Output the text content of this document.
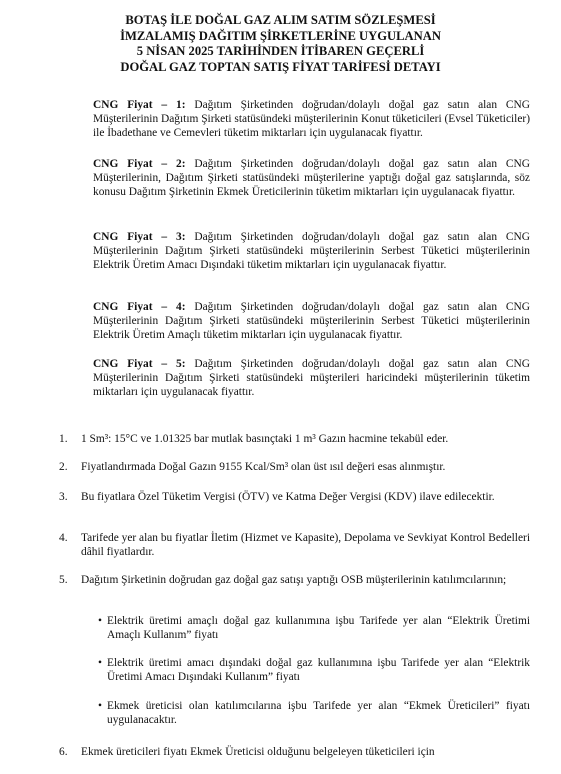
BOTAŞ İLE DOĞAL GAZ ALIM SATIM SÖZLEŞMESİ
İMZALAMIŞ DAĞITIM ŞİRKETLERİNE UYGULANAN
5 NİSAN 2025 TARİHİNDEN İTİBAREN GEÇERLİ
DOĞAL GAZ TOPTAN SATIŞ FİYAT TARİFESİ DETAYI

CNG Fiyat – 1: Dağıtım Şirketinden doğrudan/dolaylı doğal gaz satın alan CNG Müşterilerinin Dağıtım Şirketi statüsündeki müşterilerinin Konut tüketicileri (Evsel Tüketiciler) ile İbadethane ve Cemevleri tüketim miktarları için uygulanacak fiyattır.

CNG Fiyat – 2: Dağıtım Şirketinden doğrudan/dolaylı doğal gaz satın alan CNG Müşterilerinin, Dağıtım Şirketi statüsündeki müşterilerine yaptığı doğal gaz satışlarında, söz konusu Dağıtım Şirketinin Ekmek Üreticilerinin tüketim miktarları için uygulanacak fiyattır.

CNG Fiyat – 3: Dağıtım Şirketinden doğrudan/dolaylı doğal gaz satın alan CNG Müşterilerinin Dağıtım Şirketi statüsündeki müşterilerinin Serbest Tüketici müşterilerinin Elektrik Üretim Amacı Dışındaki tüketim miktarları için uygulanacak fiyattır.

CNG Fiyat – 4: Dağıtım Şirketinden doğrudan/dolaylı doğal gaz satın alan CNG Müşterilerinin Dağıtım Şirketi statüsündeki müşterilerinin Serbest Tüketici müşterilerinin Elektrik Üretim Amaçlı tüketim miktarları için uygulanacak fiyattır.

CNG Fiyat – 5: Dağıtım Şirketinden doğrudan/dolaylı doğal gaz satın alan CNG Müşterilerinin Dağıtım Şirketi statüsündeki müşterileri haricindeki müşterilerinin tüketim miktarları için uygulanacak fiyattır.

1.	1 Sm³: 15°C ve 1.01325 bar mutlak basınçtaki 1 m³ Gazın hacmine tekabül eder.
2.	Fiyatlandırmada Doğal Gazın 9155 Kcal/Sm³ olan üst ısıl değeri esas alınmıştır.
3.	Bu fiyatlara Özel Tüketim Vergisi (ÖTV) ve Katma Değer Vergisi (KDV) ilave edilecektir.
4.	Tarifede yer alan bu fiyatlar İletim (Hizmet ve Kapasite), Depolama ve Sevkiyat Kontrol Bedelleri dâhil fiyatlardır.
5.	Dağıtım Şirketinin doğrudan gaz doğal gaz satışı yaptığı OSB müşterilerinin katılımcılarının;
• Elektrik üretimi amaçlı doğal gaz kullanımına işbu Tarifede yer alan “Elektrik Üretimi Amaçlı Kullanım” fiyatı
• Elektrik üretimi amacı dışındaki doğal gaz kullanımına işbu Tarifede yer alan “Elektrik Üretimi Amacı Dışındaki Kullanım” fiyatı
• Ekmek üreticisi olan katılımcılarına işbu Tarifede yer alan “Ekmek Üreticileri” fiyatı uygulanacaktır.
6.	Ekmek üreticileri fiyatı Ekmek Üreticisi olduğunu belgeleyen tüketicileri için
